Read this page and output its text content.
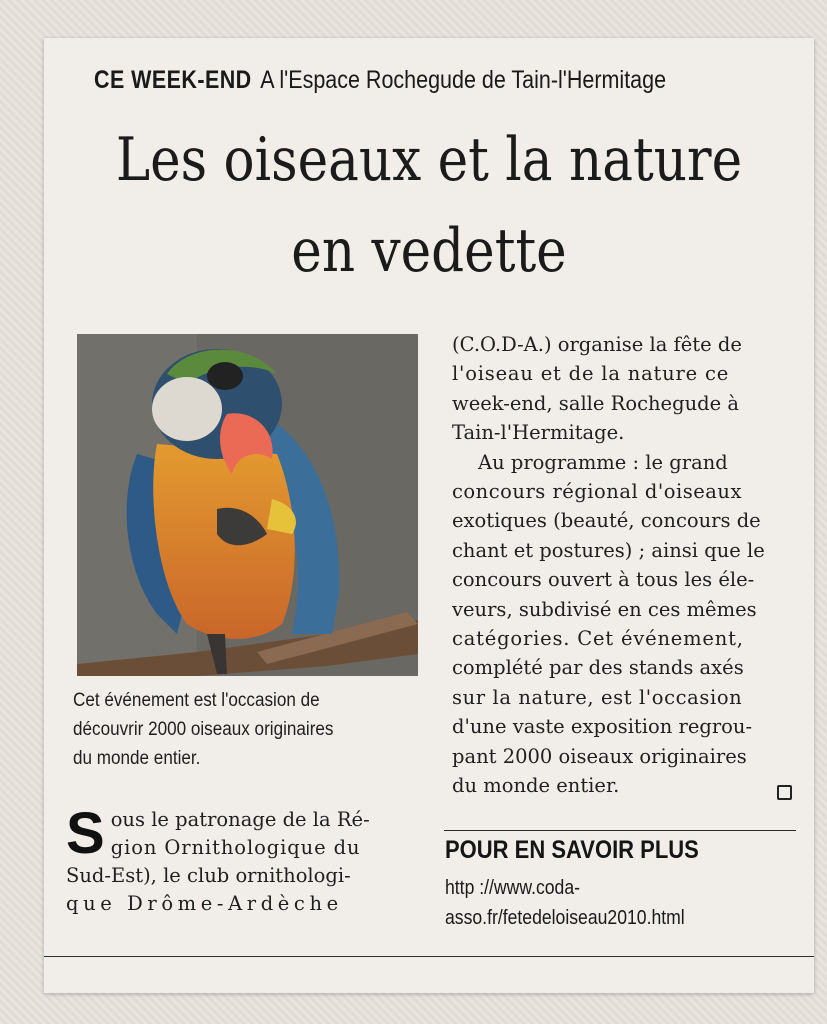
CE WEEK-END A l'Espace Rochegude de Tain-l'Hermitage
Les oiseaux et la nature
en vedette
Cet événement est l'occasion de
découvrir 2000 oiseaux originaires
du monde entier.
S ous le patronage de la Ré-
gion Ornithologique du
Sud-Est), le club ornithologi-
que Drôme-Ardèche
(C.O.D-A.) organise la fête de
l'oiseau et de la nature ce
week-end, salle Rochegude à
Tain-l'Hermitage.
Au programme : le grand
concours régional d'oiseaux
exotiques (beauté, concours de
chant et postures) ; ainsi que le
concours ouvert à tous les éle-
veurs, subdivisé en ces mêmes
catégories. Cet événement,
complété par des stands axés
sur la nature, est l'occasion
d'une vaste exposition regrou-
pant 2000 oiseaux originaires
du monde entier.
POUR EN SAVOIR PLUS
http ://www.coda-
asso.fr/fetedeloiseau2010.html
